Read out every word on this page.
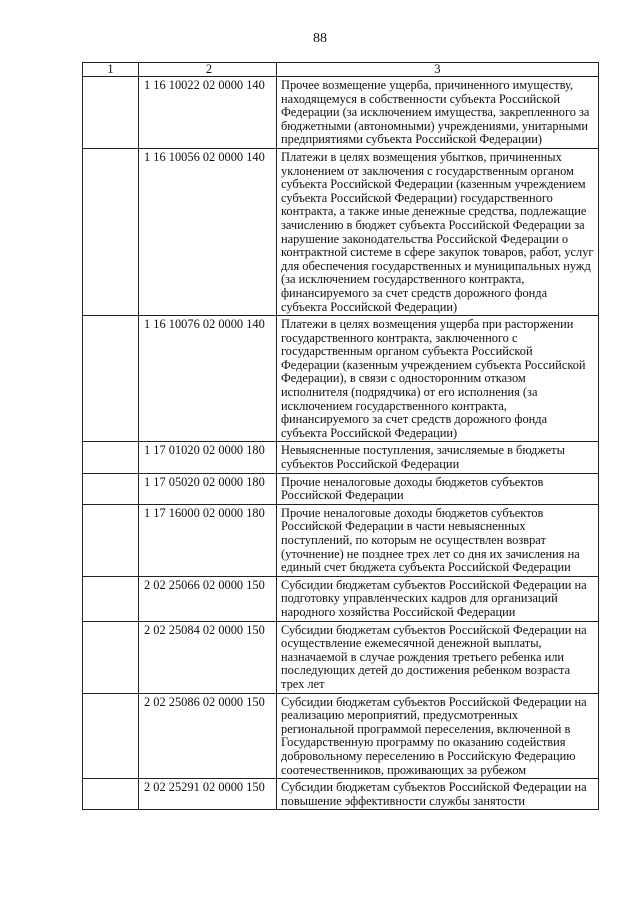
88
1	2	3
	1 16 10022 02 0000 140	Прочее возмещение ущерба, причиненного имуществу, находящемуся в собственности субъекта Российской Федерации (за исключением имущества, закрепленного за бюджетными (автономными) учреждениями, унитарными предприятиями субъекта Российской Федерации)
	1 16 10056 02 0000 140	Платежи в целях возмещения убытков, причиненных уклонением от заключения с государственным органом субъекта Российской Федерации (казенным учреждением субъекта Российской Федерации) государственного контракта, а также иные денежные средства, подлежащие зачислению в бюджет субъекта Российской Федерации за нарушение законодательства Российской Федерации о контрактной системе в сфере закупок товаров, работ, услуг для обеспечения государственных и муниципальных нужд (за исключением государственного контракта, финансируемого за счет средств дорожного фонда субъекта Российской Федерации)
	1 16 10076 02 0000 140	Платежи в целях возмещения ущерба при расторжении государственного контракта, заключенного с государственным органом субъекта Российской Федерации (казенным учреждением субъекта Российской Федерации), в связи с односторонним отказом исполнителя (подрядчика) от его исполнения (за исключением государственного контракта, финансируемого за счет средств дорожного фонда субъекта Российской Федерации)
	1 17 01020 02 0000 180	Невыясненные поступления, зачисляемые в бюджеты субъектов Российской Федерации
	1 17 05020 02 0000 180	Прочие неналоговые доходы бюджетов субъектов Российской Федерации
	1 17 16000 02 0000 180	Прочие неналоговые доходы бюджетов субъектов Российской Федерации в части невыясненных поступлений, по которым не осуществлен возврат (уточнение) не позднее трех лет со дня их зачисления на единый счет бюджета субъекта Российской Федерации
	2 02 25066 02 0000 150	Субсидии бюджетам субъектов Российской Федерации на подготовку управленческих кадров для организаций народного хозяйства Российской Федерации
	2 02 25084 02 0000 150	Субсидии бюджетам субъектов Российской Федерации на осуществление ежемесячной денежной выплаты, назначаемой в случае рождения третьего ребенка или последующих детей до достижения ребенком возраста трех лет
	2 02 25086 02 0000 150	Субсидии бюджетам субъектов Российской Федерации на реализацию мероприятий, предусмотренных региональной программой переселения, включенной в Государственную программу по оказанию содействия добровольному переселению в Российскую Федерацию соотечественников, проживающих за рубежом
	2 02 25291 02 0000 150	Субсидии бюджетам субъектов Российской Федерации на повышение эффективности службы занятости
